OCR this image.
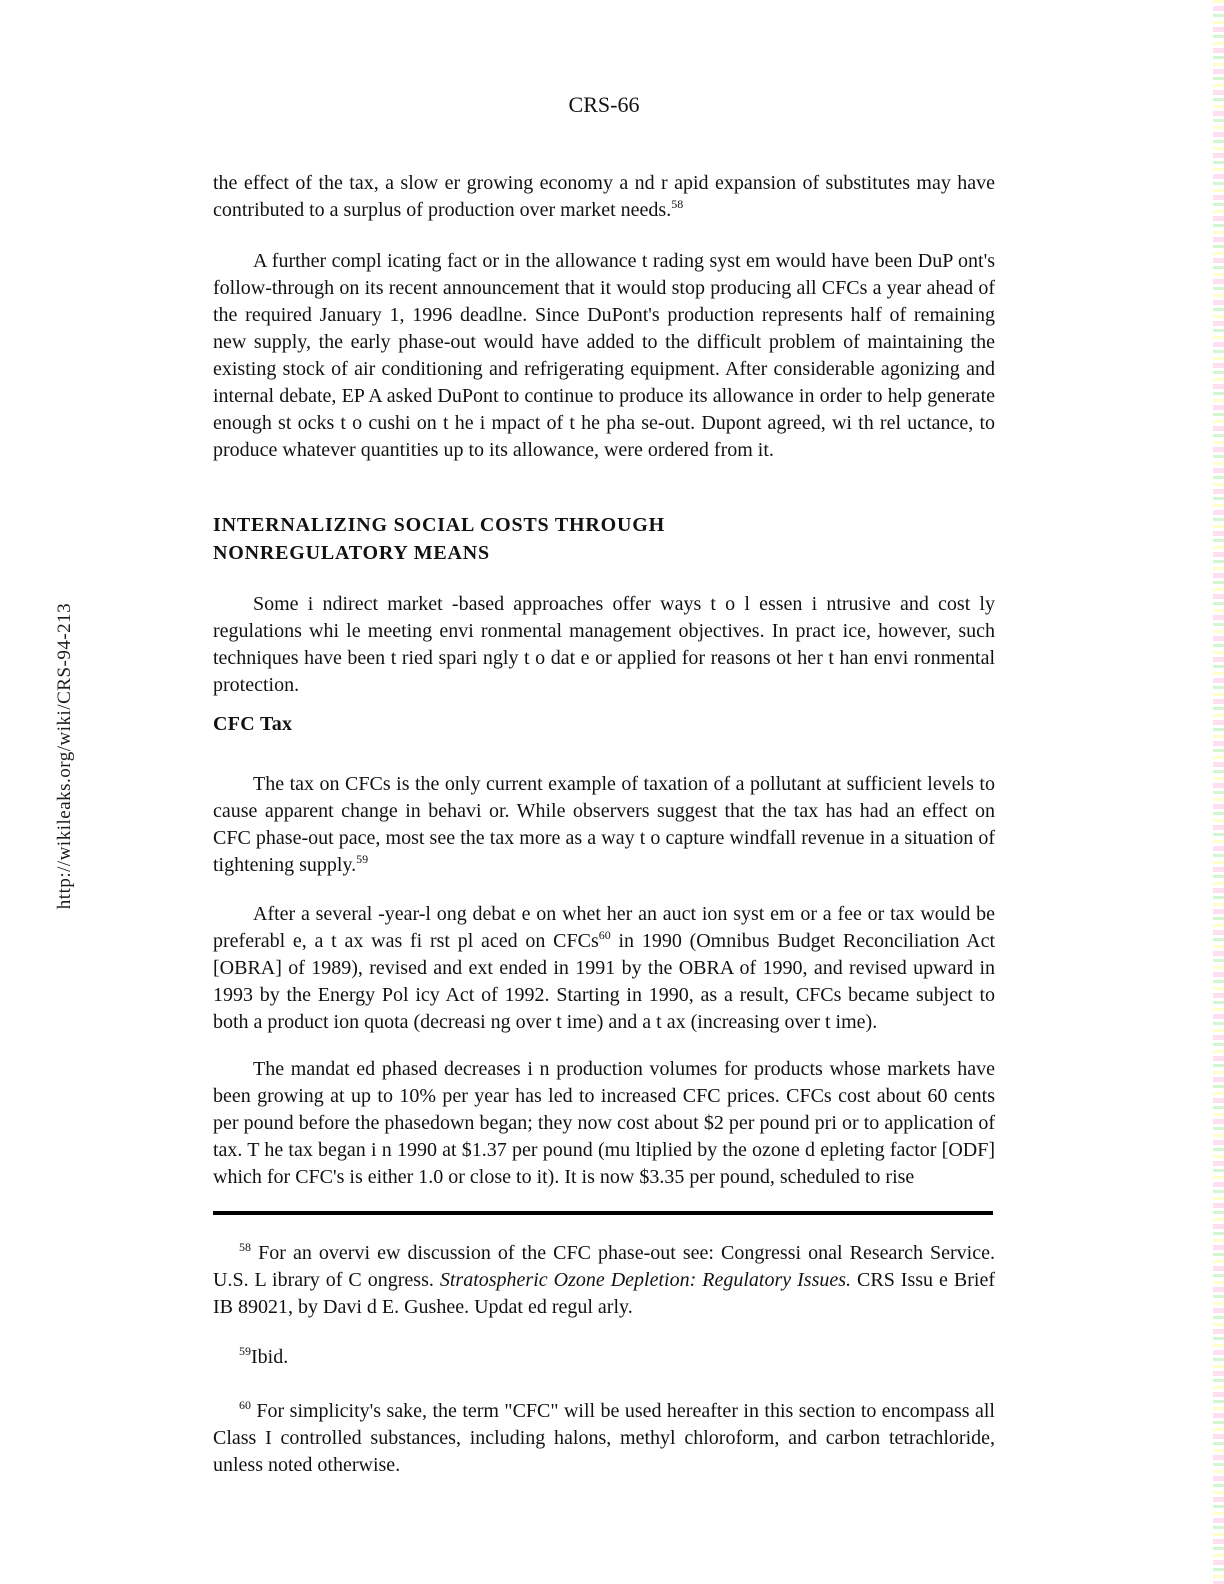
http://wikileaks.org/wiki/CRS-94-213
CRS-66

the effect of the tax, a slow er growing economy a nd r apid expansion of substitutes may have contributed to a surplus of production over market needs.$^{58}$

A further compl icating fact or in the allowance t rading syst em would have been DuP ont's follow-through on its recent announcement that it would stop producing all CFCs a year ahead of the required January 1, 1996 deadlne. Since DuPont's production represents half of remaining new supply, the early phase-out would have added to the difficult problem of maintaining the existing stock of air conditioning and refrigerating equipment. After considerable agonizing and internal debate, EP A asked DuPont to continue to produce its allowance in order to help generate enough st ocks t o cushi on t he i mpact of t he pha se-out. Dupont agreed, wi th rel uctance, to produce whatever quantities up to its allowance, were ordered from it.

INTERNALIZING SOCIAL COSTS THROUGH
NONREGULATORY MEANS

Some i ndirect market -based approaches offer ways t o l essen i ntrusive and cost ly regulations whi le meeting envi ronmental management objectives. In pract ice, however, such techniques have been t ried spari ngly t o dat e or applied for reasons ot her t han envi ronmental protection.

CFC Tax

The tax on CFCs is the only current example of taxation of a pollutant at sufficient levels to cause apparent change in behavi or. While observers suggest that the tax has had an effect on CFC phase-out pace, most see the tax more as a way t o capture windfall revenue in a situation of tightening supply.$^{59}$

After a several -year-l ong debat e on whet her an auct ion syst em or a fee or tax would be preferabl e, a t ax was fi rst pl aced on CFCs$^{60}$ in 1990 (Omnibus Budget Reconciliation Act [OBRA] of 1989), revised and ext ended in 1991 by the OBRA of 1990, and revised upward in 1993 by the Energy Pol icy Act of 1992. Starting in 1990, as a result, CFCs became subject to both a product ion quota (decreasi ng over t ime) and a t ax (increasing over t ime).

The mandat ed phased decreases i n production volumes for products whose markets have been growing at up to 10% per year has led to increased CFC prices. CFCs cost about 60 cents per pound before the phasedown began; they now cost about $2 per pound pri or to application of tax. T he tax began i n 1990 at $1.37 per pound (mu ltiplied by the ozone d epleting factor [ODF] which for CFC's is either 1.0 or close to it). It is now $3.35 per pound, scheduled to rise

$^{58}$ For an overvi ew discussion of the CFC phase-out see: Congressi onal Research Service. U.S. L ibrary of C ongress. Stratospheric Ozone Depletion: Regulatory Issues. CRS Issu e Brief IB 89021, by Davi d E. Gushee. Updat ed regul arly.

$^{59}$Ibid.

$^{60}$ For simplicity's sake, the term "CFC" will be used hereafter in this section to encompass all Class I controlled substances, including halons, methyl chloroform, and carbon tetrachloride, unless noted otherwise.
